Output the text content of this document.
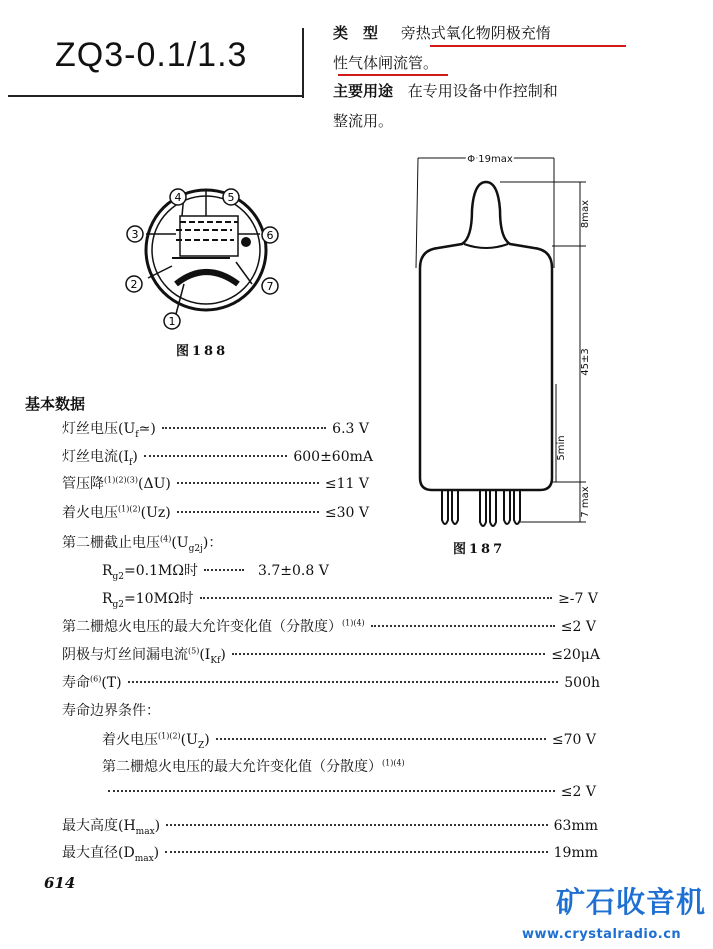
ZQ3-0.1/1.3
类　型 旁热式氧化物阴极充惰
性气体闸流管。
主要用途 在专用设备中作控制和
整流用。
4	5
3	6
2	7
1
图188
Φ 19max
8max
45±3
5min
7 max
图187
基本数据
灯丝电压$(U_f≃)$	6.3 V
灯丝电流$(I_f)$	600±60mA
管压降$^{(1)(2)(3)}$(ΔU)	≤11 V
着火电压$^{(1)(2)}$(Uz)	≤30 V
第二栅截止电压$^{(4)}(U_{g2j})$：
$R_{g2}=0.1M\Omega$时	3.7±0.8 V
$R_{g2}=10M\Omega$时	≥-7 V
第二栅熄火电压的最大允许变化值（分散度）$^{(1)(4)}$	≤2 V
阴极与灯丝间漏电流$^{(5)}(I_{Kf})$	≤20μA
寿命$^{(6)}$(T)	500h
寿命边界条件：
着火电压$^{(1)(2)}(U_Z)$	≤70 V
第二栅熄火电压的最大允许变化值（分散度）$^{(1)(4)}$
≤2 V
最大高度$(H_{max})$	63mm
最大直径$(D_{max})$	19mm
614
矿石收音机
www.crystalradio.cn
